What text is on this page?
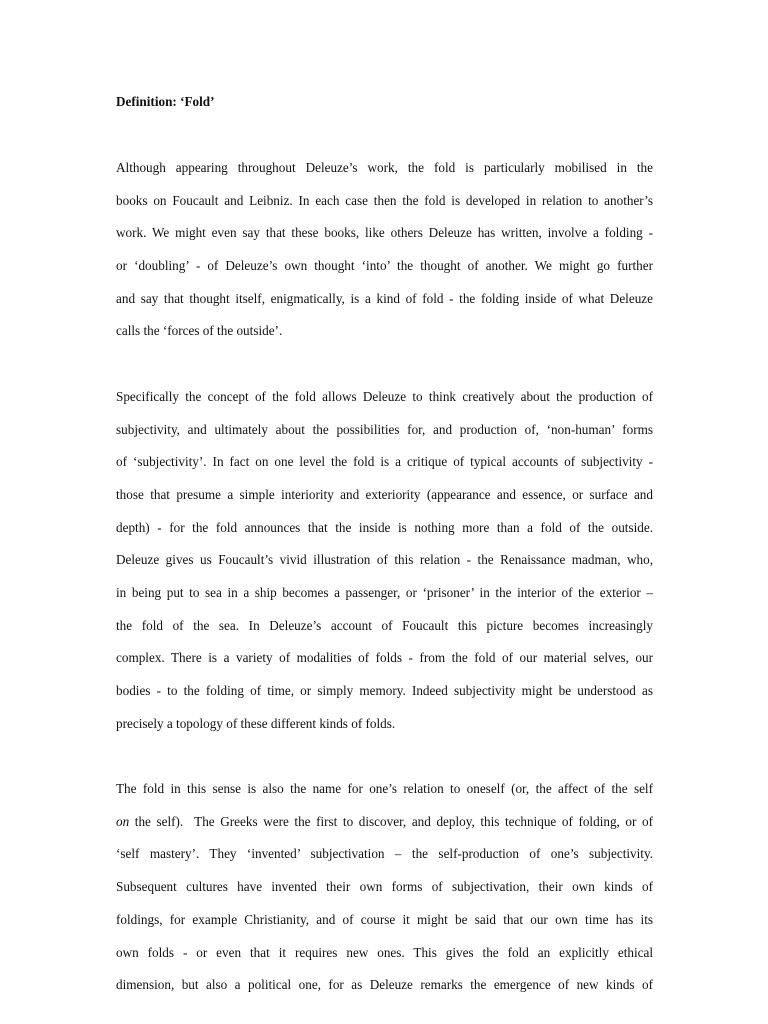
Definition: ‘Fold’
Although appearing throughout Deleuze’s work, the fold is particularly mobilised in the
books on Foucault and Leibniz. In each case then the fold is developed in relation to another’s
work. We might even say that these books, like others Deleuze has written, involve a folding -
or ‘doubling’ - of Deleuze’s own thought ‘into’ the thought of another. We might go further
and say that thought itself, enigmatically, is a kind of fold - the folding inside of what Deleuze
calls the ‘forces of the outside’.
Specifically the concept of the fold allows Deleuze to think creatively about the production of
subjectivity, and ultimately about the possibilities for, and production of, ‘non-human’ forms
of ‘subjectivity’. In fact on one level the fold is a critique of typical accounts of subjectivity -
those that presume a simple interiority and exteriority (appearance and essence, or surface and
depth) - for the fold announces that the inside is nothing more than a fold of the outside.
Deleuze gives us Foucault’s vivid illustration of this relation - the Renaissance madman, who,
in being put to sea in a ship becomes a passenger, or ‘prisoner’ in the interior of the exterior –
the fold of the sea. In Deleuze’s account of Foucault this picture becomes increasingly
complex. There is a variety of modalities of folds - from the fold of our material selves, our
bodies - to the folding of time, or simply memory. Indeed subjectivity might be understood as
precisely a topology of these different kinds of folds.
The fold in this sense is also the name for one’s relation to oneself (or, the affect of the self
on the self).  The Greeks were the first to discover, and deploy, this technique of folding, or of
‘self mastery’. They ‘invented’ subjectivation – the self-production of one’s subjectivity.
Subsequent cultures have invented their own forms of subjectivation, their own kinds of
foldings, for example Christianity, and of course it might be said that our own time has its
own folds - or even that it requires new ones. This gives the fold an explicitly ethical
dimension, but also a political one, for as Deleuze remarks the emergence of new kinds of
